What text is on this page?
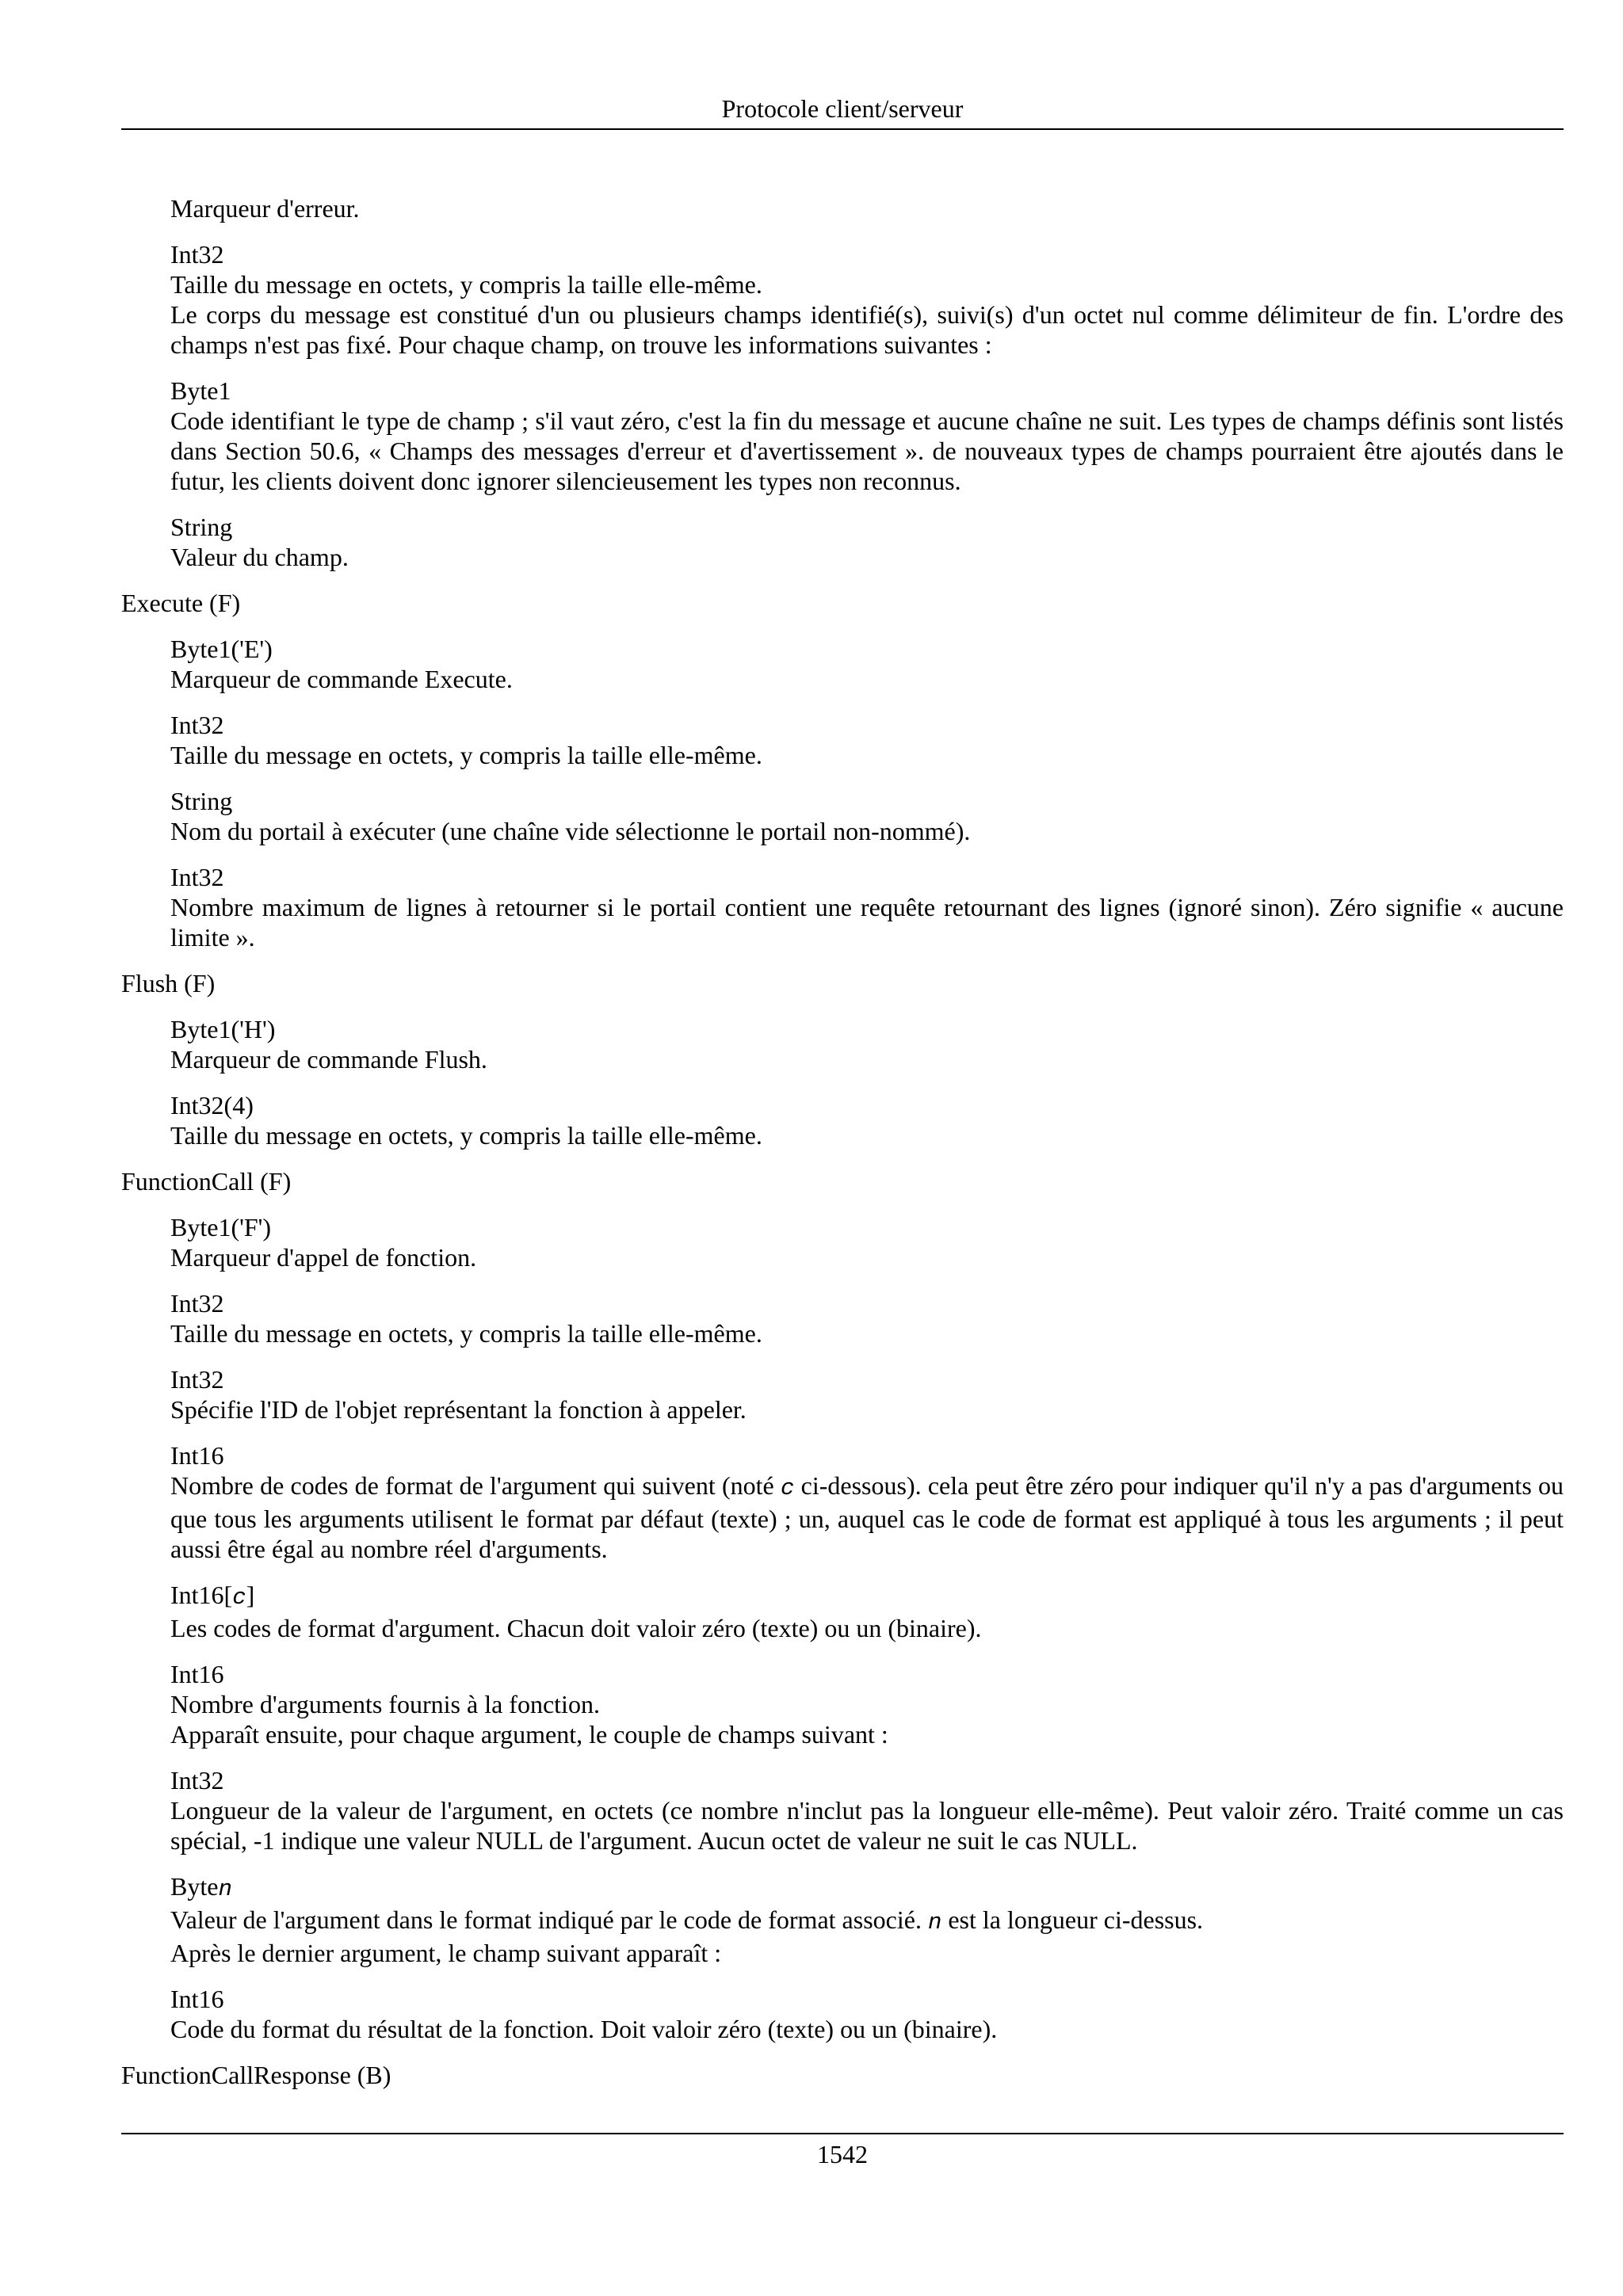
Protocole client/serveur

Marqueur d'erreur.

Int32

Taille du message en octets, y compris la taille elle-même.

Le corps du message est constitué d'un ou plusieurs champs identifié(s), suivi(s) d'un octet nul comme délimiteur de fin. L'ordre des champs n'est pas fixé. Pour chaque champ, on trouve les informations suivantes :

Byte1

Code identifiant le type de champ ; s'il vaut zéro, c'est la fin du message et aucune chaîne ne suit. Les types de champs définis sont listés dans Section 50.6, « Champs des messages d'erreur et d'avertissement ». de nouveaux types de champs pourraient être ajoutés dans le futur, les clients doivent donc ignorer silencieusement les types non reconnus.

String

Valeur du champ.

Execute (F)

Byte1('E')

Marqueur de commande Execute.

Int32

Taille du message en octets, y compris la taille elle-même.

String

Nom du portail à exécuter (une chaîne vide sélectionne le portail non-nommé).

Int32

Nombre maximum de lignes à retourner si le portail contient une requête retournant des lignes (ignoré sinon). Zéro signifie « aucune limite ».

Flush (F)

Byte1('H')

Marqueur de commande Flush.

Int32(4)

Taille du message en octets, y compris la taille elle-même.

FunctionCall (F)

Byte1('F')

Marqueur d'appel de fonction.

Int32

Taille du message en octets, y compris la taille elle-même.

Int32

Spécifie l'ID de l'objet représentant la fonction à appeler.

Int16

Nombre de codes de format de l'argument qui suivent (noté c ci-dessous). cela peut être zéro pour indiquer qu'il n'y a pas d'arguments ou que tous les arguments utilisent le format par défaut (texte) ; un, auquel cas le code de format est appliqué à tous les arguments ; il peut aussi être égal au nombre réel d'arguments.

Int16[c]

Les codes de format d'argument. Chacun doit valoir zéro (texte) ou un (binaire).

Int16

Nombre d'arguments fournis à la fonction.

Apparaît ensuite, pour chaque argument, le couple de champs suivant :

Int32

Longueur de la valeur de l'argument, en octets (ce nombre n'inclut pas la longueur elle-même). Peut valoir zéro. Traité comme un cas spécial, -1 indique une valeur NULL de l'argument. Aucun octet de valeur ne suit le cas NULL.

Byten

Valeur de l'argument dans le format indiqué par le code de format associé. n est la longueur ci-dessus.

Après le dernier argument, le champ suivant apparaît :

Int16

Code du format du résultat de la fonction. Doit valoir zéro (texte) ou un (binaire).

FunctionCallResponse (B)

1542
